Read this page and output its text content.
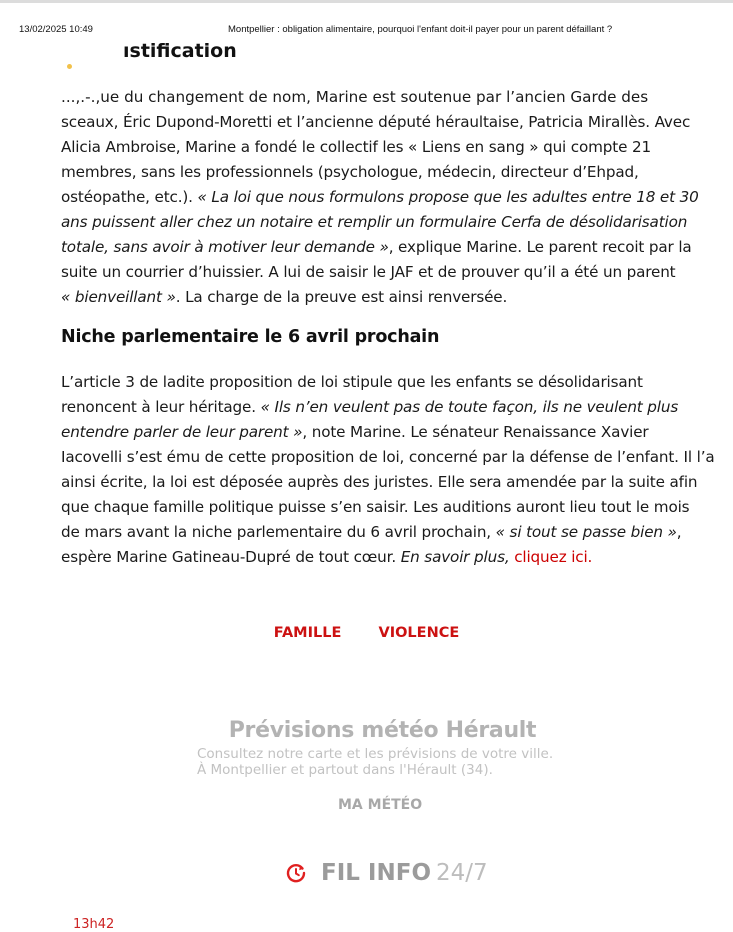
13/02/2025 10:49	Montpellier : obligation alimentaire, pourquoi l'enfant doit-il payer pour un parent défaillant ?
ıstification
...,.-.,ue du changement de nom, Marine est soutenue par l’ancien Garde des
sceaux, Éric Dupond-Moretti et l’ancienne député héraultaise, Patricia Mirallès. Avec
Alicia Ambroise, Marine a fondé le collectif les « Liens en sang » qui compte 21
membres, sans les professionnels (psychologue, médecin, directeur d’Ehpad,
ostéopathe, etc.). « La loi que nous formulons propose que les adultes entre 18 et 30
ans puissent aller chez un notaire et remplir un formulaire Cerfa de désolidarisation
totale, sans avoir à motiver leur demande », explique Marine. Le parent recoit par la
suite un courrier d’huissier. A lui de saisir le JAF et de prouver qu’il a été un parent
« bienveillant ». La charge de la preuve est ainsi renversée.
Niche parlementaire le 6 avril prochain
L’article 3 de ladite proposition de loi stipule que les enfants se désolidarisant
renoncent à leur héritage. « Ils n’en veulent pas de toute façon, ils ne veulent plus
entendre parler de leur parent », note Marine. Le sénateur Renaissance Xavier
Iacovelli s’est ému de cette proposition de loi, concerné par la défense de l’enfant. Il l’a
ainsi écrite, la loi est déposée auprès des juristes. Elle sera amendée par la suite afin
que chaque famille politique puisse s’en saisir. Les auditions auront lieu tout le mois
de mars avant la niche parlementaire du 6 avril prochain, « si tout se passe bien »,
espère Marine Gatineau-Dupré de tout cœur. En savoir plus, cliquez ici.
FAMILLE	VIOLENCE
Prévisions météo Hérault
Consultez notre carte et les prévisions de votre ville.
À Montpellier et partout dans l'Hérault (34).
MA MÉTÉO
FIL INFO 24/7
13h42
